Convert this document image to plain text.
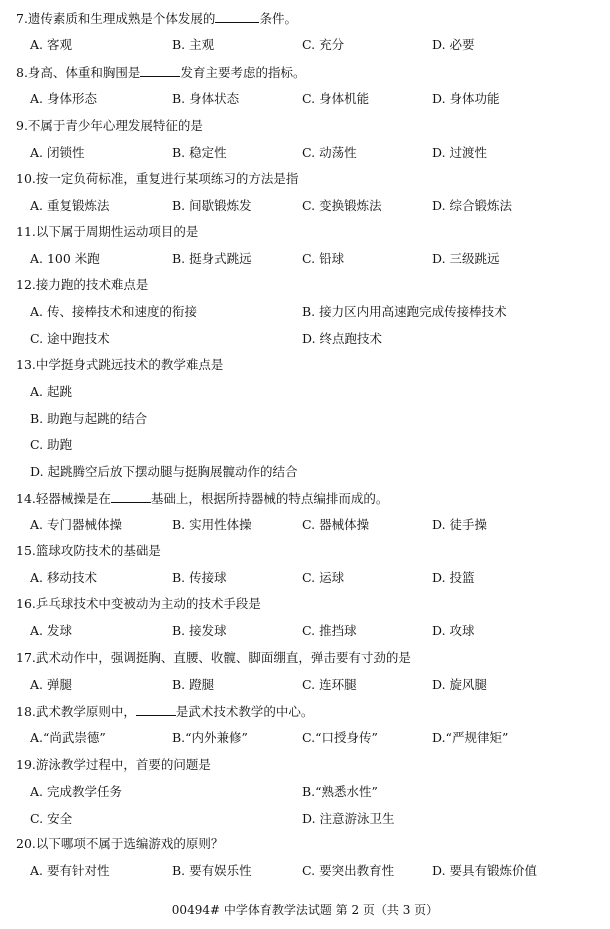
7.遗传素质和生理成熟是个体发展的	条件。
A. 客观	B. 主观	C. 充分	D. 必要
8.身高、体重和胸围是	发育主要考虑的指标。
A. 身体形态	B. 身体状态	C. 身体机能	D. 身体功能
9.不属于青少年心理发展特征的是
A. 闭锁性	B. 稳定性	C. 动荡性	D. 过渡性
10.按一定负荷标准，重复进行某项练习的方法是指
A. 重复锻炼法	B. 间歇锻炼发	C. 变换锻炼法	D. 综合锻炼法
11.以下属于周期性运动项目的是
A. 100 米跑	B. 挺身式跳远	C. 铅球	D. 三级跳远
12.接力跑的技术难点是
A. 传、接棒技术和速度的衔接	B. 接力区内用高速跑完成传接棒技术
C. 途中跑技术	D. 终点跑技术
13.中学挺身式跳远技术的教学难点是
A. 起跳
B. 助跑与起跳的结合
C. 助跑
D. 起跳腾空后放下摆动腿与挺胸展髋动作的结合
14.轻器械操是在	基础上，根据所持器械的特点编排而成的。
A. 专门器械体操	B. 实用性体操	C. 器械体操	D. 徒手操
15.篮球攻防技术的基础是
A. 移动技术	B. 传接球	C. 运球	D. 投篮
16.乒乓球技术中变被动为主动的技术手段是
A. 发球	B. 接发球	C. 推挡球	D. 攻球
17.武术动作中，强调挺胸、直腰、收髋、脚面绷直，弹击要有寸劲的是
A. 弹腿	B. 蹬腿	C. 连环腿	D. 旋风腿
18.武术教学原则中，	是武术技术教学的中心。
A.“尚武崇德”	B.“内外兼修”	C.“口授身传”	D.“严规律矩”
19.游泳教学过程中，首要的问题是
A. 完成教学任务	B.“熟悉水性”
C. 安全	D. 注意游泳卫生
20.以下哪项不属于选编游戏的原则？
A. 要有针对性	B. 要有娱乐性	C. 要突出教育性	D. 要具有锻炼价值
00494# 中学体育教学法试题 第 2 页（共 3 页）
